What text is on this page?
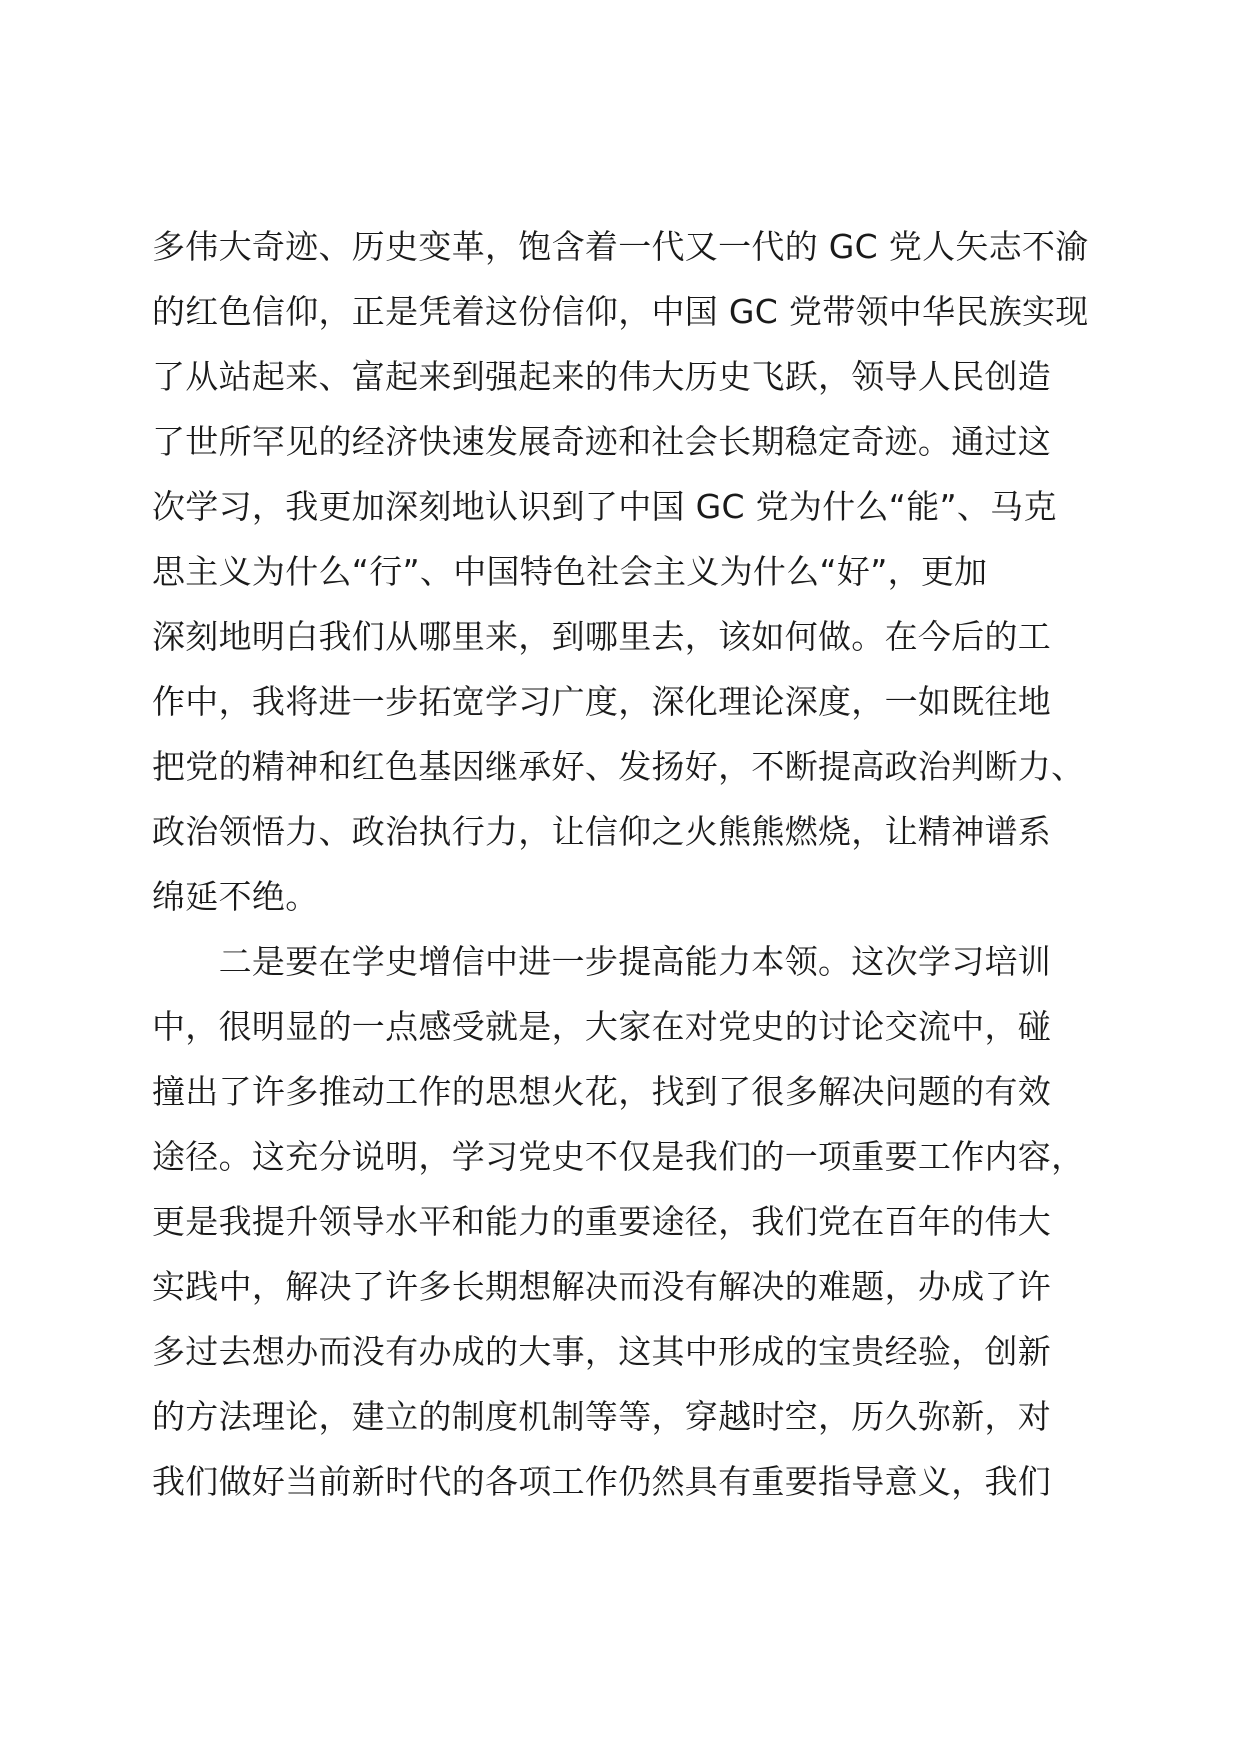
多伟大奇迹、历史变革，饱含着一代又一代的 GC 党人矢志不渝
的红色信仰，正是凭着这份信仰，中国 GC 党带领中华民族实现
了从站起来、富起来到强起来的伟大历史飞跃，领导人民创造
了世所罕见的经济快速发展奇迹和社会长期稳定奇迹。通过这
次学习，我更加深刻地认识到了中国 GC 党为什么“能”、马克
思主义为什么“行”、中国特色社会主义为什么“好”，更加
深刻地明白我们从哪里来，到哪里去，该如何做。在今后的工
作中，我将进一步拓宽学习广度，深化理论深度，一如既往地
把党的精神和红色基因继承好、发扬好，不断提高政治判断力、
政治领悟力、政治执行力，让信仰之火熊熊燃烧，让精神谱系
绵延不绝。
　　二是要在学史增信中进一步提高能力本领。这次学习培训
中，很明显的一点感受就是，大家在对党史的讨论交流中，碰
撞出了许多推动工作的思想火花，找到了很多解决问题的有效
途径。这充分说明，学习党史不仅是我们的一项重要工作内容，
更是我提升领导水平和能力的重要途径，我们党在百年的伟大
实践中，解决了许多长期想解决而没有解决的难题，办成了许
多过去想办而没有办成的大事，这其中形成的宝贵经验，创新
的方法理论，建立的制度机制等等，穿越时空，历久弥新，对
我们做好当前新时代的各项工作仍然具有重要指导意义，我们
